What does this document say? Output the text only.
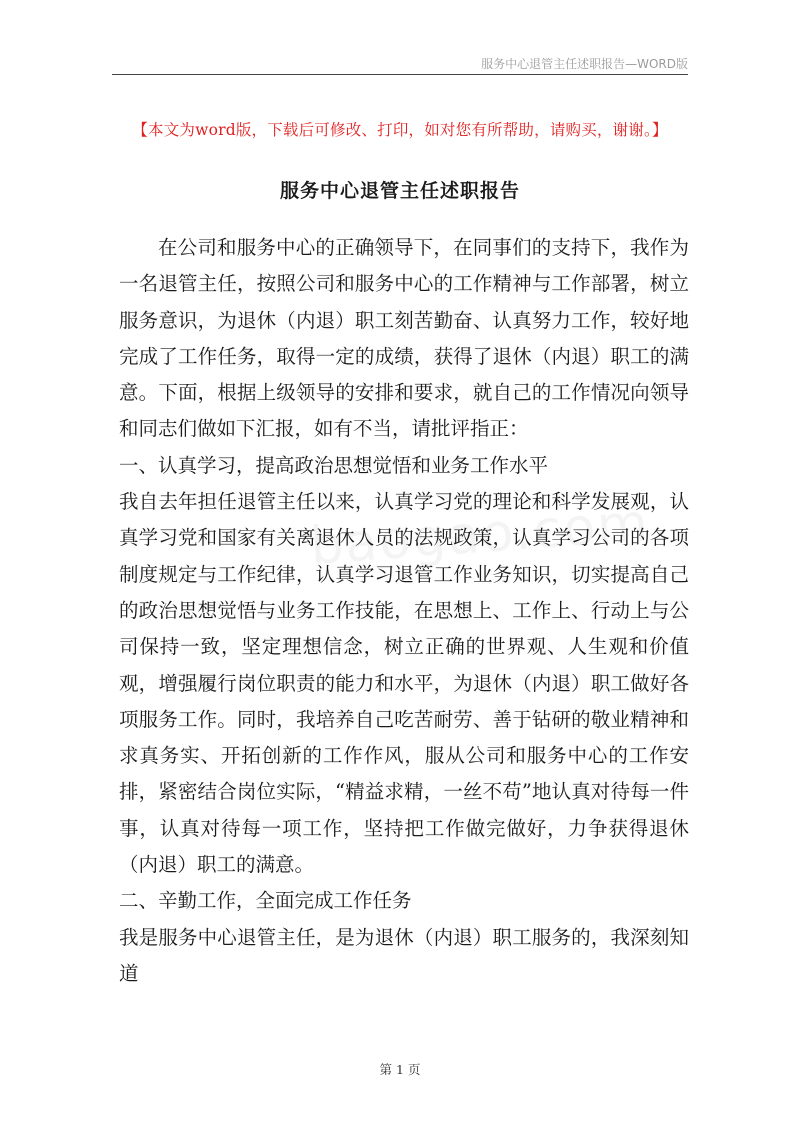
服务中心退管主任述职报告—WORD版
【本文为word版，下载后可修改、打印，如对您有所帮助，请购买，谢谢。】
服务中心退管主任述职报告

在公司和服务中心的正确领导下，在同事们的支持下，我作为一名退管主任，按照公司和服务中心的工作精神与工作部署，树立服务意识，为退休（内退）职工刻苦勤奋、认真努力工作，较好地完成了工作任务，取得一定的成绩，获得了退休（内退）职工的满意。下面，根据上级领导的安排和要求，就自己的工作情况向领导和同志们做如下汇报，如有不当，请批评指正：

一、认真学习，提高政治思想觉悟和业务工作水平

我自去年担任退管主任以来，认真学习党的理论和科学发展观，认真学习党和国家有关离退休人员的法规政策，认真学习公司的各项制度规定与工作纪律，认真学习退管工作业务知识，切实提高自己的政治思想觉悟与业务工作技能，在思想上、工作上、行动上与公司保持一致，坚定理想信念，树立正确的世界观、人生观和价值观，增强履行岗位职责的能力和水平，为退休（内退）职工做好各项服务工作。同时，我培养自己吃苦耐劳、善于钻研的敬业精神和求真务实、开拓创新的工作作风，服从公司和服务中心的工作安排，紧密结合岗位实际，“精益求精，一丝不苟”地认真对待每一件事，认真对待每一项工作，坚持把工作做完做好，力争获得退休（内退）职工的满意。

二、辛勤工作，全面完成工作任务

我是服务中心退管主任，是为退休（内退）职工服务的，我深刻知道

第 1 页
